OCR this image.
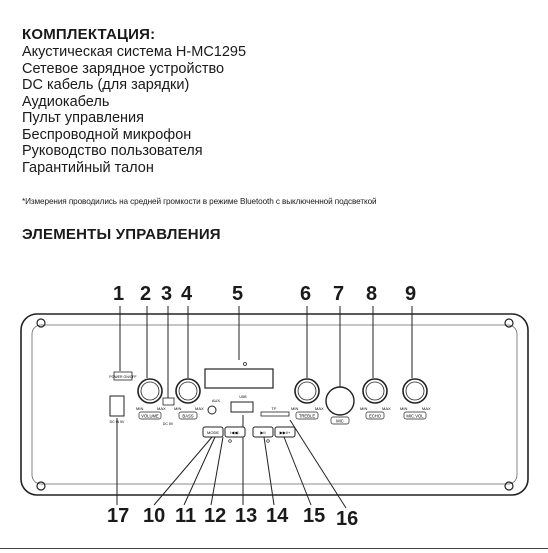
КОМПЛЕКТАЦИЯ:
Акустическая система H-MC1295
Сетевое зарядное устройство
DC кабель (для зарядки)
Аудиокабель
Пульт управления
Беспроводной микрофон
Руководство пользователя
Гарантийный талон
*Измерения проводились на средней громкости в режиме Bluetooth с выключенной подсветкой
ЭЛЕМЕНТЫ УПРАВЛЕНИЯ
1 2 3 4 5	6 7 8 9
17 10 11 12 13 14 15 16
POWER ON/OFF
DC IN 5V
MIN	MAX
VOLUME
DC 5V
MIN	MAX
BASS
AUX
USB
TF	MIN	MAX
TREBLE
MIC
MIN	MAX
ECHO
MIN	MAX
MIC.VOL
MODE	I◀◀/-	▶II	▶▶I/+
